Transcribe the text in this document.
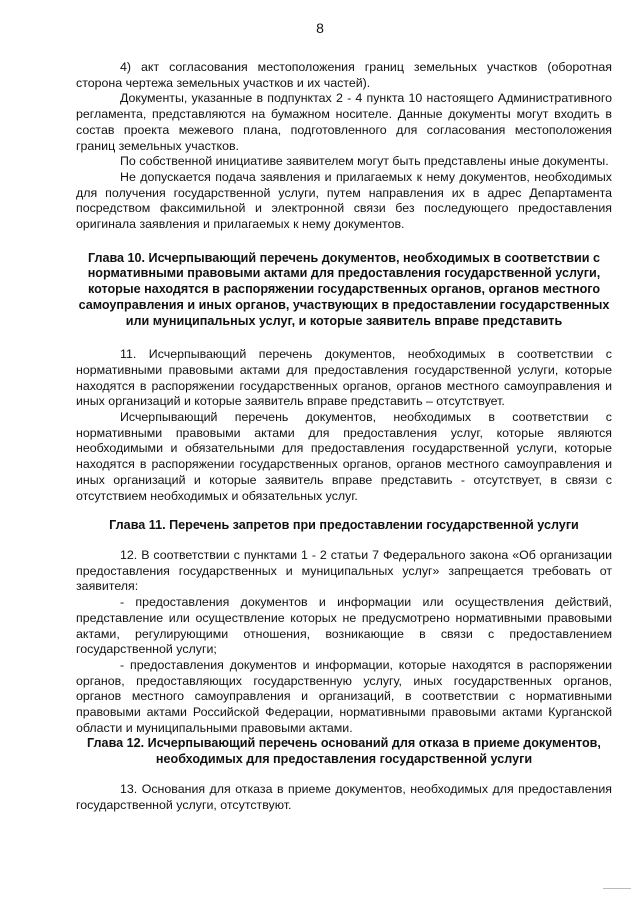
8

4) акт согласования местоположения границ земельных участков (оборотная сторона чертежа земельных участков и их частей).

Документы, указанные в подпунктах 2 - 4 пункта 10 настоящего Административного регламента, представляются на бумажном носителе. Данные документы могут входить в состав проекта межевого плана, подготовленного для согласования местоположения границ земельных участков.

По собственной инициативе заявителем могут быть представлены иные документы.

Не допускается подача заявления и прилагаемых к нему документов, необходимых для получения государственной услуги, путем направления их в адрес Департамента посредством факсимильной и электронной связи без последующего предоставления оригинала заявления и прилагаемых к нему документов.

Глава 10. Исчерпывающий перечень документов, необходимых в соответствии с нормативными правовыми актами для предоставления государственной услуги, которые находятся в распоряжении государственных органов, органов местного самоуправления и иных органов, участвующих в предоставлении государственных или муниципальных услуг, и которые заявитель вправе представить

11. Исчерпывающий перечень документов, необходимых в соответствии с нормативными правовыми актами для предоставления государственной услуги, которые находятся в распоряжении государственных органов, органов местного самоуправления и иных организаций и которые заявитель вправе представить – отсутствует.

Исчерпывающий перечень документов, необходимых в соответствии с нормативными правовыми актами для предоставления услуг, которые являются необходимыми и обязательными для предоставления государственной услуги, которые находятся в распоряжении государственных органов, органов местного самоуправления и иных организаций и которые заявитель вправе представить - отсутствует, в связи с отсутствием необходимых и обязательных услуг.

Глава 11. Перечень запретов при предоставлении государственной услуги

12. В соответствии с пунктами 1 - 2 статьи 7 Федерального закона «Об организации предоставления государственных и муниципальных услуг» запрещается требовать от заявителя:

- предоставления документов и информации или осуществления действий, представление или осуществление которых не предусмотрено нормативными правовыми актами, регулирующими отношения, возникающие в связи с предоставлением государственной услуги;

- предоставления документов и информации, которые находятся в распоряжении органов, предоставляющих государственную услугу, иных государственных органов, органов местного самоуправления и организаций, в соответствии с нормативными правовыми актами Российской Федерации, нормативными правовыми актами Курганской области и муниципальными правовыми актами.

Глава 12. Исчерпывающий перечень оснований для отказа в приеме документов, необходимых для предоставления государственной услуги

13. Основания для отказа в приеме документов, необходимых для предоставления государственной услуги, отсутствуют.
